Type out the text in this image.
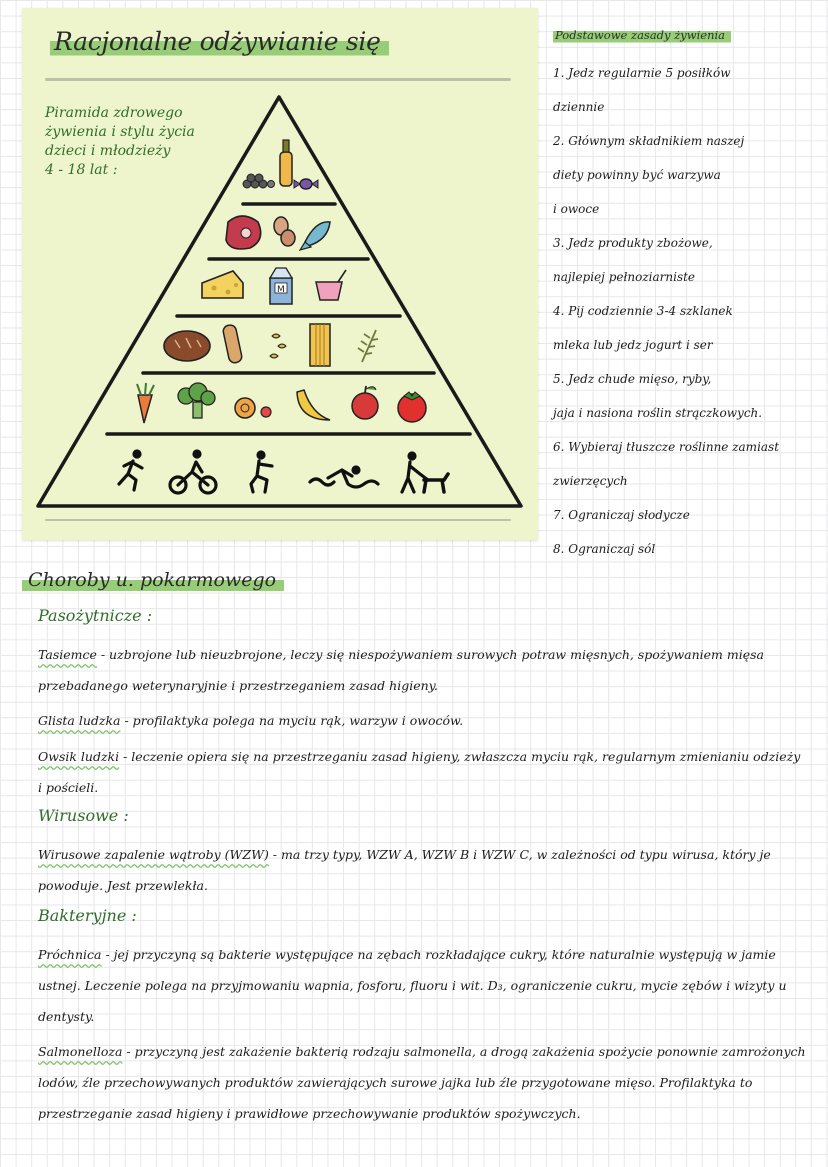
Racjonalne odżywianie się
Piramida zdrowego
żywienia i stylu życia
dzieci i młodzieży
4 - 18 lat :
M
Podstawowe zasady żywienia
1. Jedz regularnie 5 posiłków
dziennie
2. Głównym składnikiem naszej
diety powinny być warzywa
i owoce
3. Jedz produkty zbożowe,
najlepiej pełnoziarniste
4. Pij codziennie 3-4 szklanek
mleka lub jedz jogurt i ser
5. Jedz chude mięso, ryby,
jaja i nasiona roślin strączkowych.
6. Wybieraj tłuszcze roślinne zamiast
zwierzęcych
7. Ograniczaj słodycze
8. Ograniczaj sól
Choroby u. pokarmowego
Pasożytnicze :
Tasiemce - uzbrojone lub nieuzbrojone, leczy się niespożywaniem surowych potraw mięsnych, spożywaniem mięsa przebadanego weterynaryjnie i przestrzeganiem zasad higieny.
Glista ludzka - profilaktyka polega na myciu rąk, warzyw i owoców.
Owsik ludzki - leczenie opiera się na przestrzeganiu zasad higieny, zwłaszcza myciu rąk, regularnym zmienianiu odzieży i pościeli.
Wirusowe :
Wirusowe zapalenie wątroby (WZW) - ma trzy typy, WZW A, WZW B i WZW C, w zależności od typu wirusa, który je powoduje. Jest przewlekła.
Bakteryjne :
Próchnica - jej przyczyną są bakterie występujące na zębach rozkładające cukry, które naturalnie występują w jamie ustnej. Leczenie polega na przyjmowaniu wapnia, fosforu, fluoru i wit. D₃, ograniczenie cukru, mycie zębów i wizyty u dentysty.
Salmonelloza - przyczyną jest zakażenie bakterią rodzaju salmonella, a drogą zakażenia spożycie ponownie zamrożonych lodów, źle przechowywanych produktów zawierających surowe jajka lub źle przygotowane mięso. Profilaktyka to przestrzeganie zasad higieny i prawidłowe przechowywanie produktów spożywczych.
